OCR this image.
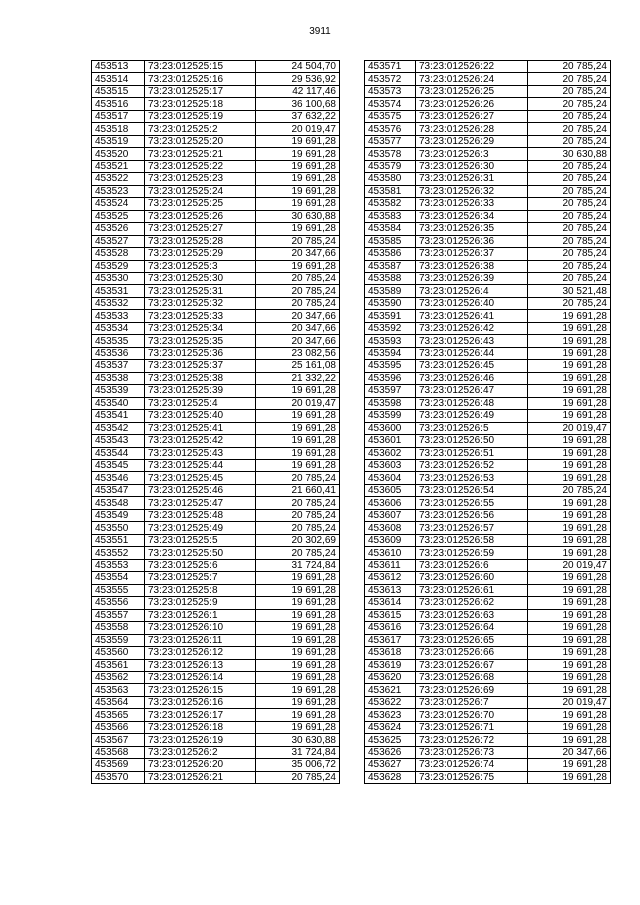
3911
453513	73:23:012525:15	24 504,70
453514	73:23:012525:16	29 536,92
453515	73:23:012525:17	42 117,46
453516	73:23:012525:18	36 100,68
453517	73:23:012525:19	37 632,22
453518	73:23:012525:2	20 019,47
453519	73:23:012525:20	19 691,28
453520	73:23:012525:21	19 691,28
453521	73:23:012525:22	19 691,28
453522	73:23:012525:23	19 691,28
453523	73:23:012525:24	19 691,28
453524	73:23:012525:25	19 691,28
453525	73:23:012525:26	30 630,88
453526	73:23:012525:27	19 691,28
453527	73:23:012525:28	20 785,24
453528	73:23:012525:29	20 347,66
453529	73:23:012525:3	19 691,28
453530	73:23:012525:30	20 785,24
453531	73:23:012525:31	20 785,24
453532	73:23:012525:32	20 785,24
453533	73:23:012525:33	20 347,66
453534	73:23:012525:34	20 347,66
453535	73:23:012525:35	20 347,66
453536	73:23:012525:36	23 082,56
453537	73:23:012525:37	25 161,08
453538	73:23:012525:38	21 332,22
453539	73:23:012525:39	19 691,28
453540	73:23:012525:4	20 019,47
453541	73:23:012525:40	19 691,28
453542	73:23:012525:41	19 691,28
453543	73:23:012525:42	19 691,28
453544	73:23:012525:43	19 691,28
453545	73:23:012525:44	19 691,28
453546	73:23:012525:45	20 785,24
453547	73:23:012525:46	21 660,41
453548	73:23:012525:47	20 785,24
453549	73:23:012525:48	20 785,24
453550	73:23:012525:49	20 785,24
453551	73:23:012525:5	20 302,69
453552	73:23:012525:50	20 785,24
453553	73:23:012525:6	31 724,84
453554	73:23:012525:7	19 691,28
453555	73:23:012525:8	19 691,28
453556	73:23:012525:9	19 691,28
453557	73:23:012526:1	19 691,28
453558	73:23:012526:10	19 691,28
453559	73:23:012526:11	19 691,28
453560	73:23:012526:12	19 691,28
453561	73:23:012526:13	19 691,28
453562	73:23:012526:14	19 691,28
453563	73:23:012526:15	19 691,28
453564	73:23:012526:16	19 691,28
453565	73:23:012526:17	19 691,28
453566	73:23:012526:18	19 691,28
453567	73:23:012526:19	30 630,88
453568	73:23:012526:2	31 724,84
453569	73:23:012526:20	35 006,72
453570	73:23:012526:21	20 785,24
453571	73:23:012526:22	20 785,24
453572	73:23:012526:24	20 785,24
453573	73:23:012526:25	20 785,24
453574	73:23:012526:26	20 785,24
453575	73:23:012526:27	20 785,24
453576	73:23:012526:28	20 785,24
453577	73:23:012526:29	20 785,24
453578	73:23:012526:3	30 630,88
453579	73:23:012526:30	20 785,24
453580	73:23:012526:31	20 785,24
453581	73:23:012526:32	20 785,24
453582	73:23:012526:33	20 785,24
453583	73:23:012526:34	20 785,24
453584	73:23:012526:35	20 785,24
453585	73:23:012526:36	20 785,24
453586	73:23:012526:37	20 785,24
453587	73:23:012526:38	20 785,24
453588	73:23:012526:39	20 785,24
453589	73:23:012526:4	30 521,48
453590	73:23:012526:40	20 785,24
453591	73:23:012526:41	19 691,28
453592	73:23:012526:42	19 691,28
453593	73:23:012526:43	19 691,28
453594	73:23:012526:44	19 691,28
453595	73:23:012526:45	19 691,28
453596	73:23:012526:46	19 691,28
453597	73:23:012526:47	19 691,28
453598	73:23:012526:48	19 691,28
453599	73:23:012526:49	19 691,28
453600	73:23:012526:5	20 019,47
453601	73:23:012526:50	19 691,28
453602	73:23:012526:51	19 691,28
453603	73:23:012526:52	19 691,28
453604	73:23:012526:53	19 691,28
453605	73:23:012526:54	20 785,24
453606	73:23:012526:55	19 691,28
453607	73:23:012526:56	19 691,28
453608	73:23:012526:57	19 691,28
453609	73:23:012526:58	19 691,28
453610	73:23:012526:59	19 691,28
453611	73:23:012526:6	20 019,47
453612	73:23:012526:60	19 691,28
453613	73:23:012526:61	19 691,28
453614	73:23:012526:62	19 691,28
453615	73:23:012526:63	19 691,28
453616	73:23:012526:64	19 691,28
453617	73:23:012526:65	19 691,28
453618	73:23:012526:66	19 691,28
453619	73:23:012526:67	19 691,28
453620	73:23:012526:68	19 691,28
453621	73:23:012526:69	19 691,28
453622	73:23:012526:7	20 019,47
453623	73:23:012526:70	19 691,28
453624	73:23:012526:71	19 691,28
453625	73:23:012526:72	19 691,28
453626	73:23:012526:73	20 347,66
453627	73:23:012526:74	19 691,28
453628	73:23:012526:75	19 691,28
